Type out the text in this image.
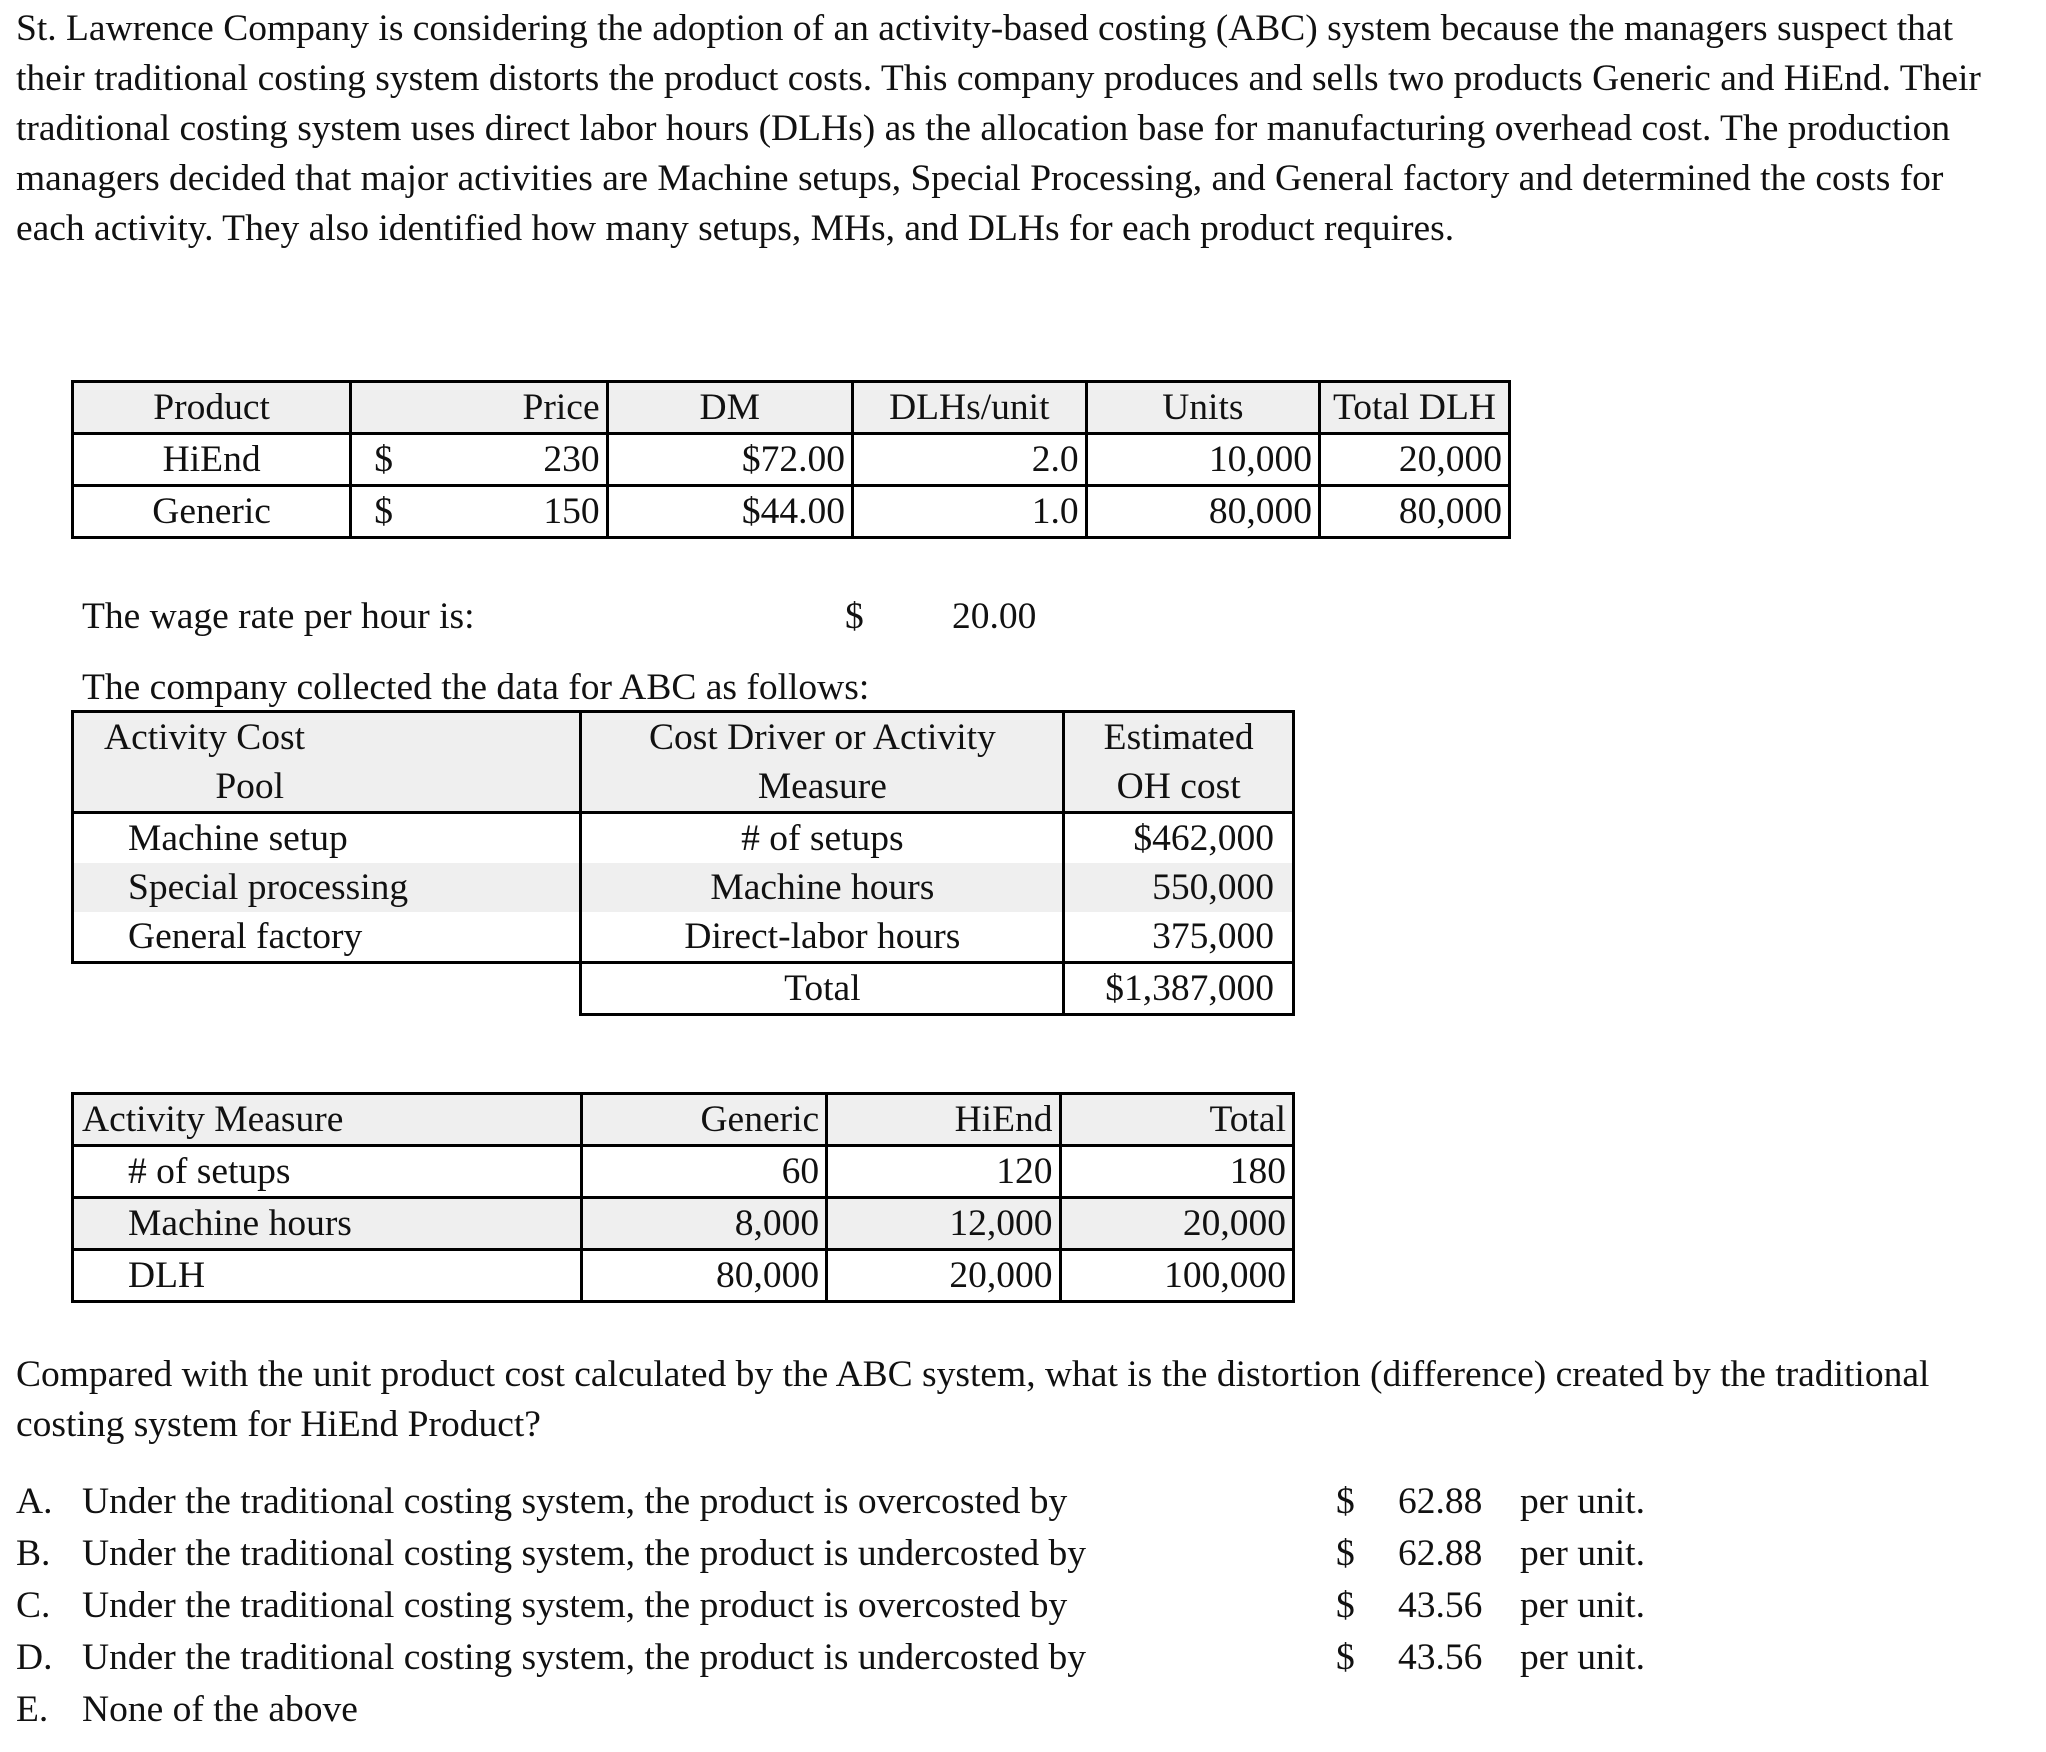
St. Lawrence Company is considering the adoption of an activity-based costing (ABC) system because the managers suspect that their traditional costing system distorts the product costs. This company produces and sells two products Generic and HiEnd. Their traditional costing system uses direct labor hours (DLHs) as the allocation base for manufacturing overhead cost. The production managers decided that major activities are Machine setups, Special Processing, and General factory and determined the costs for each activity. They also identified how many setups, MHs, and DLHs for each product requires.

Product		Price	DM	DLHs/unit	Units	Total DLH
HiEnd	$	230	$72.00	2.0	10,000	20,000
Generic	$	150	$44.00	1.0	80,000	80,000
The wage rate per hour is:	$ 20.00
The company collected the data for ABC as follows:
Activity Cost	Cost Driver or Activity	Estimated
Pool	Measure	OH cost
Machine setup	# of setups	$462,000
Special processing	Machine hours	550,000
General factory	Direct-labor hours	375,000
	Total	$1,387,000
Activity Measure	Generic	HiEnd	Total
# of setups	60	120	180
Machine hours	8,000	12,000	20,000
DLH	80,000	20,000	100,000

Compared with the unit product cost calculated by the ABC system, what is the distortion (difference) created by the traditional costing system for HiEnd Product?

A. Under the traditional costing system, the product is overcosted by	$ 62.88 per unit.
B. Under the traditional costing system, the product is undercosted by	$ 62.88 per unit.
C. Under the traditional costing system, the product is overcosted by	$ 43.56 per unit.
D. Under the traditional costing system, the product is undercosted by	$ 43.56 per unit.
E. None of the above
